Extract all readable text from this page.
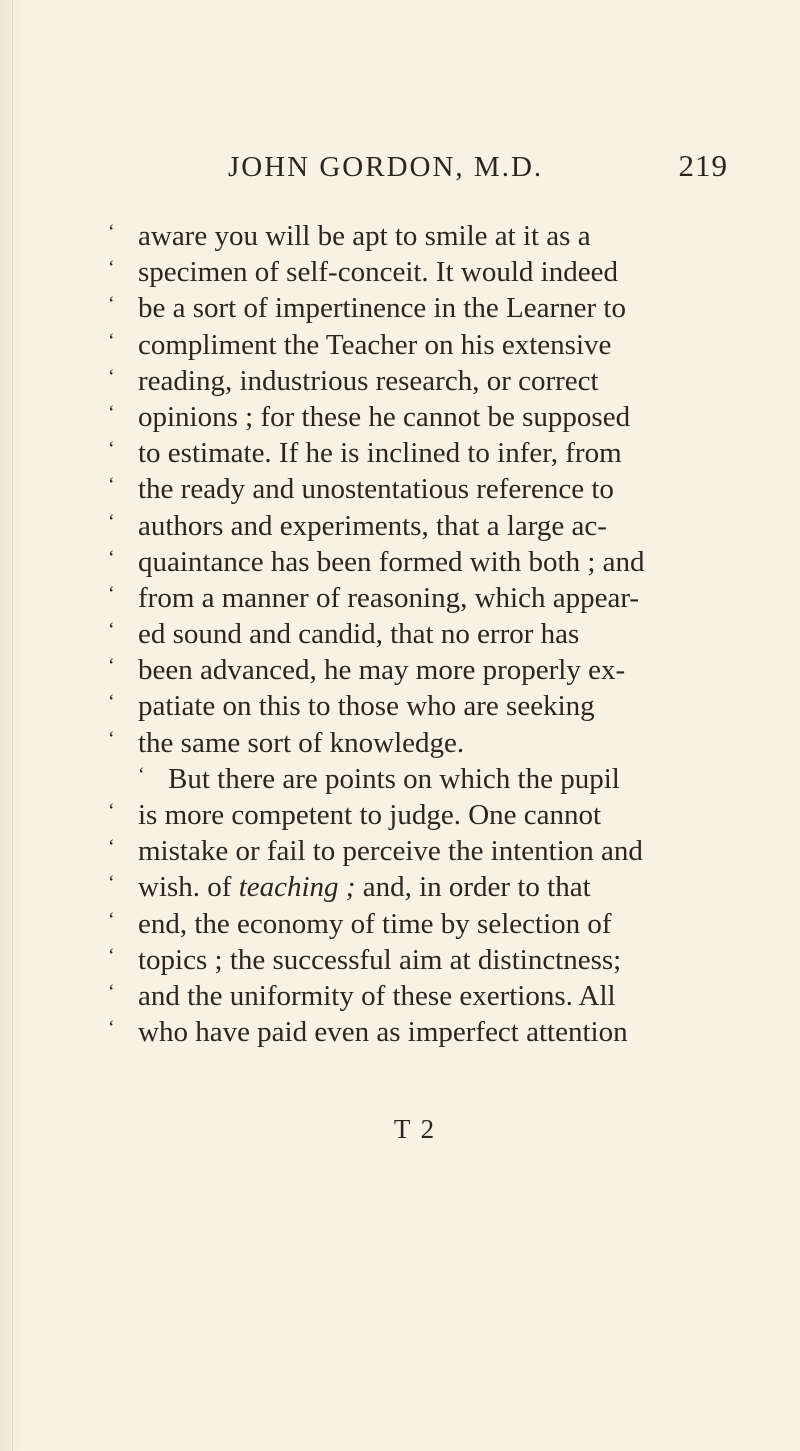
JOHN GORDON, M.D.	219
‘ aware you will be apt to smile at it as a
‘ specimen of self-conceit. It would indeed
‘ be a sort of impertinence in the Learner to
‘ compliment the Teacher on his extensive
‘ reading, industrious research, or correct
‘ opinions ; for these he cannot be supposed
‘ to estimate. If he is inclined to infer, from
‘ the ready and unostentatious reference to
‘ authors and experiments, that a large ac-
‘ quaintance has been formed with both ; and
‘ from a manner of reasoning, which appear-
‘ ed sound and candid, that no error has
‘ been advanced, he may more properly ex-
‘ patiate on this to those who are seeking
‘ the same sort of knowledge.
‘ But there are points on which the pupil
‘ is more competent to judge. One cannot
‘ mistake or fail to perceive the intention and
‘ wish. of teaching ; and, in order to that
‘ end, the economy of time by selection of
‘ topics ; the successful aim at distinctness;
‘ and the uniformity of these exertions. All
‘ who have paid even as imperfect attention
T 2
